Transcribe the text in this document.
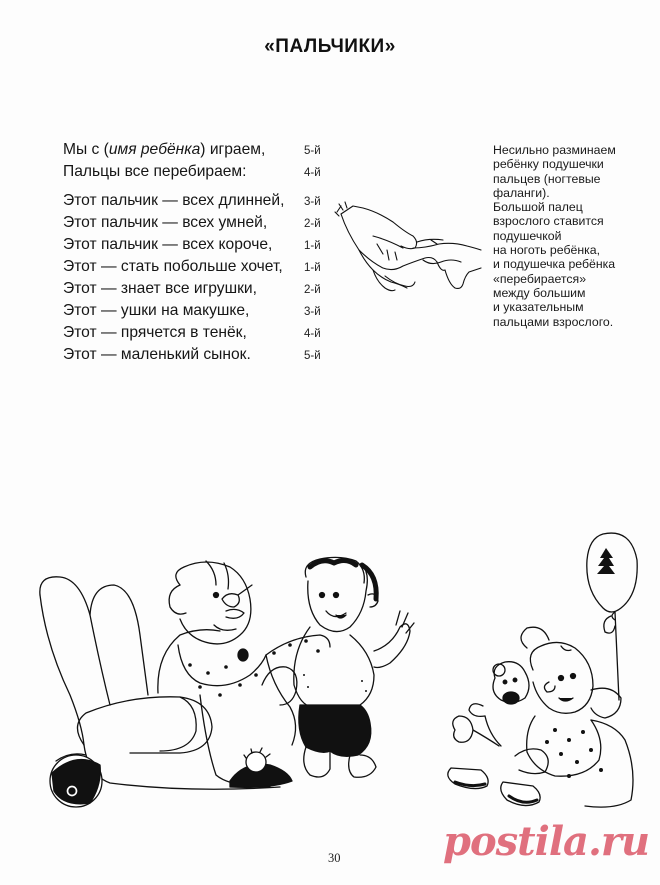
«ПАЛЬЧИКИ»
Мы с (имя ребёнка) играем,	5-й
Пальцы все перебираем:	4-й
Этот пальчик — всех длинней, 3-й
Этот пальчик — всех умней,	2-й
Этот пальчик — всех короче,	1-й
Этот — стать побольше хочет, 1-й
Этот — знает все игрушки,	2-й
Этот — ушки на макушке,	3-й
Этот — прячется в тенёк,	4-й
Этот — маленький сынок.	5-й
Несильно разминаем
ребёнку подушечки
пальцев (ногтевые
фаланги).
Большой палец
взрослого ставится
подушечкой
на ноготь ребёнка,
и подушечка ребёнка
«перебирается»
между большим
и указательным
пальцами взрослого.
30	postila.ru
